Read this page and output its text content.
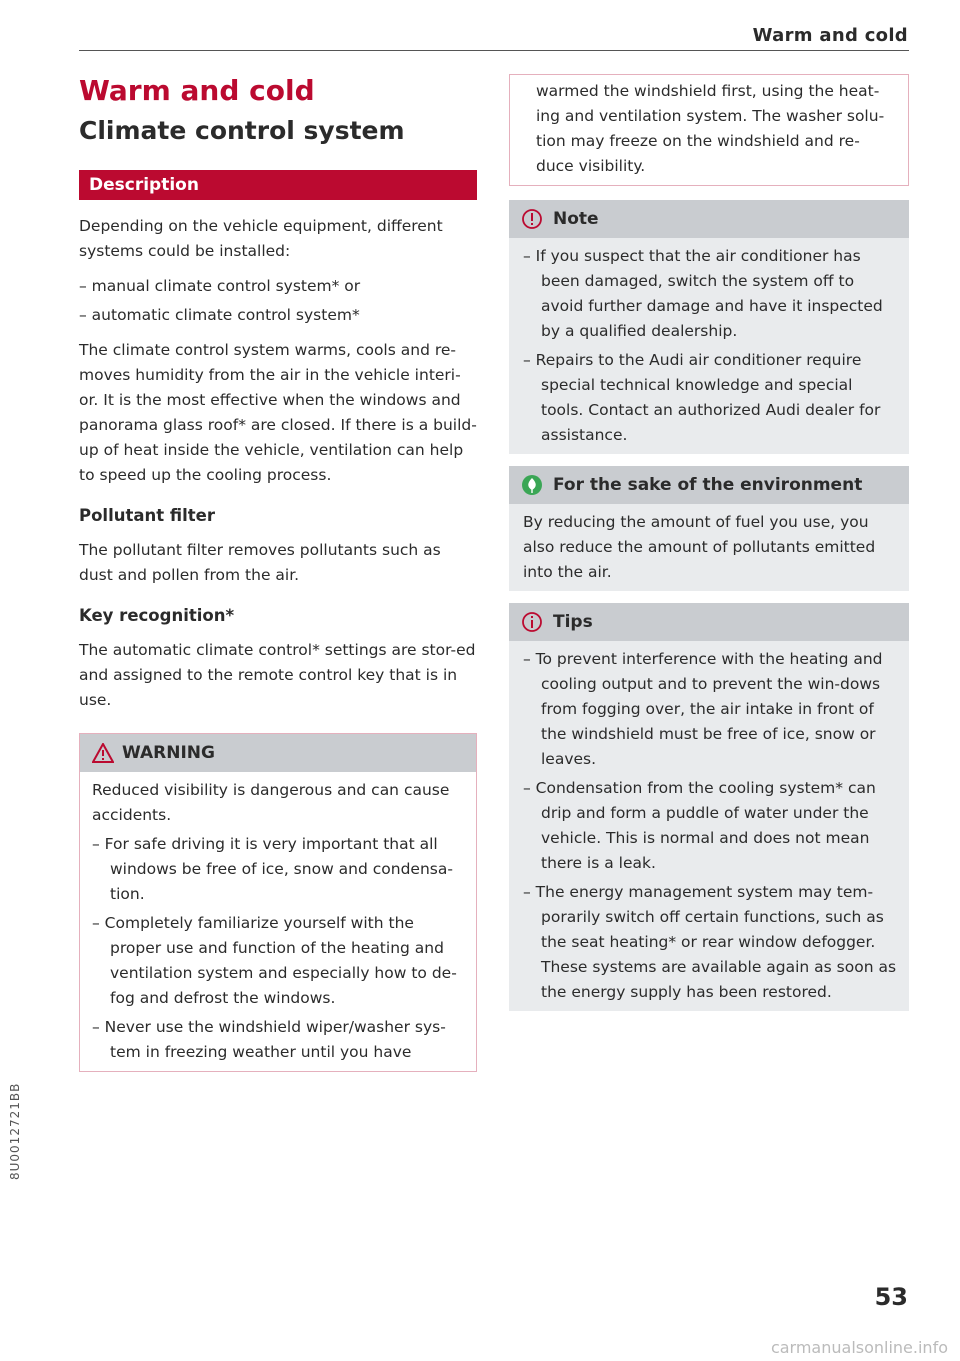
Warm and cold
Warm and cold
Climate control system
Description

Depending on the vehicle equipment, different systems could be installed:

– manual climate control system* or

– automatic climate control system*

The climate control system warms, cools and re-moves humidity from the air in the vehicle interi-or. It is the most effective when the windows and panorama glass roof* are closed. If there is a build-up of heat inside the vehicle, ventilation can help to speed up the cooling process.

Pollutant filter

The pollutant filter removes pollutants such as dust and pollen from the air.

Key recognition*

The automatic climate control* settings are stor-ed and assigned to the remote control key that is in use.

WARNING

Reduced visibility is dangerous and can cause accidents.

– For safe driving it is very important that all windows be free of ice, snow and condensa-tion.

– Completely familiarize yourself with the proper use and function of the heating and ventilation system and especially how to de-fog and defrost the windows.

– Never use the windshield wiper/washer sys-tem in freezing weather until you have

warmed the windshield first, using the heat-ing and ventilation system. The washer solu-tion may freeze on the windshield and re-duce visibility.

Note

– If you suspect that the air conditioner has been damaged, switch the system off to avoid further damage and have it inspected by a qualified dealership.

– Repairs to the Audi air conditioner require special technical knowledge and special tools. Contact an authorized Audi dealer for assistance.

For the sake of the environment

By reducing the amount of fuel you use, you also reduce the amount of pollutants emitted into the air.

Tips

– To prevent interference with the heating and cooling output and to prevent the win-dows from fogging over, the air intake in front of the windshield must be free of ice, snow or leaves.

– Condensation from the cooling system* can drip and form a puddle of water under the vehicle. This is normal and does not mean there is a leak.

– The energy management system may tem-porarily switch off certain functions, such as the seat heating* or rear window defogger. These systems are available again as soon as the energy supply has been restored.

8U0012721BB
53
carmanualsonline.info
